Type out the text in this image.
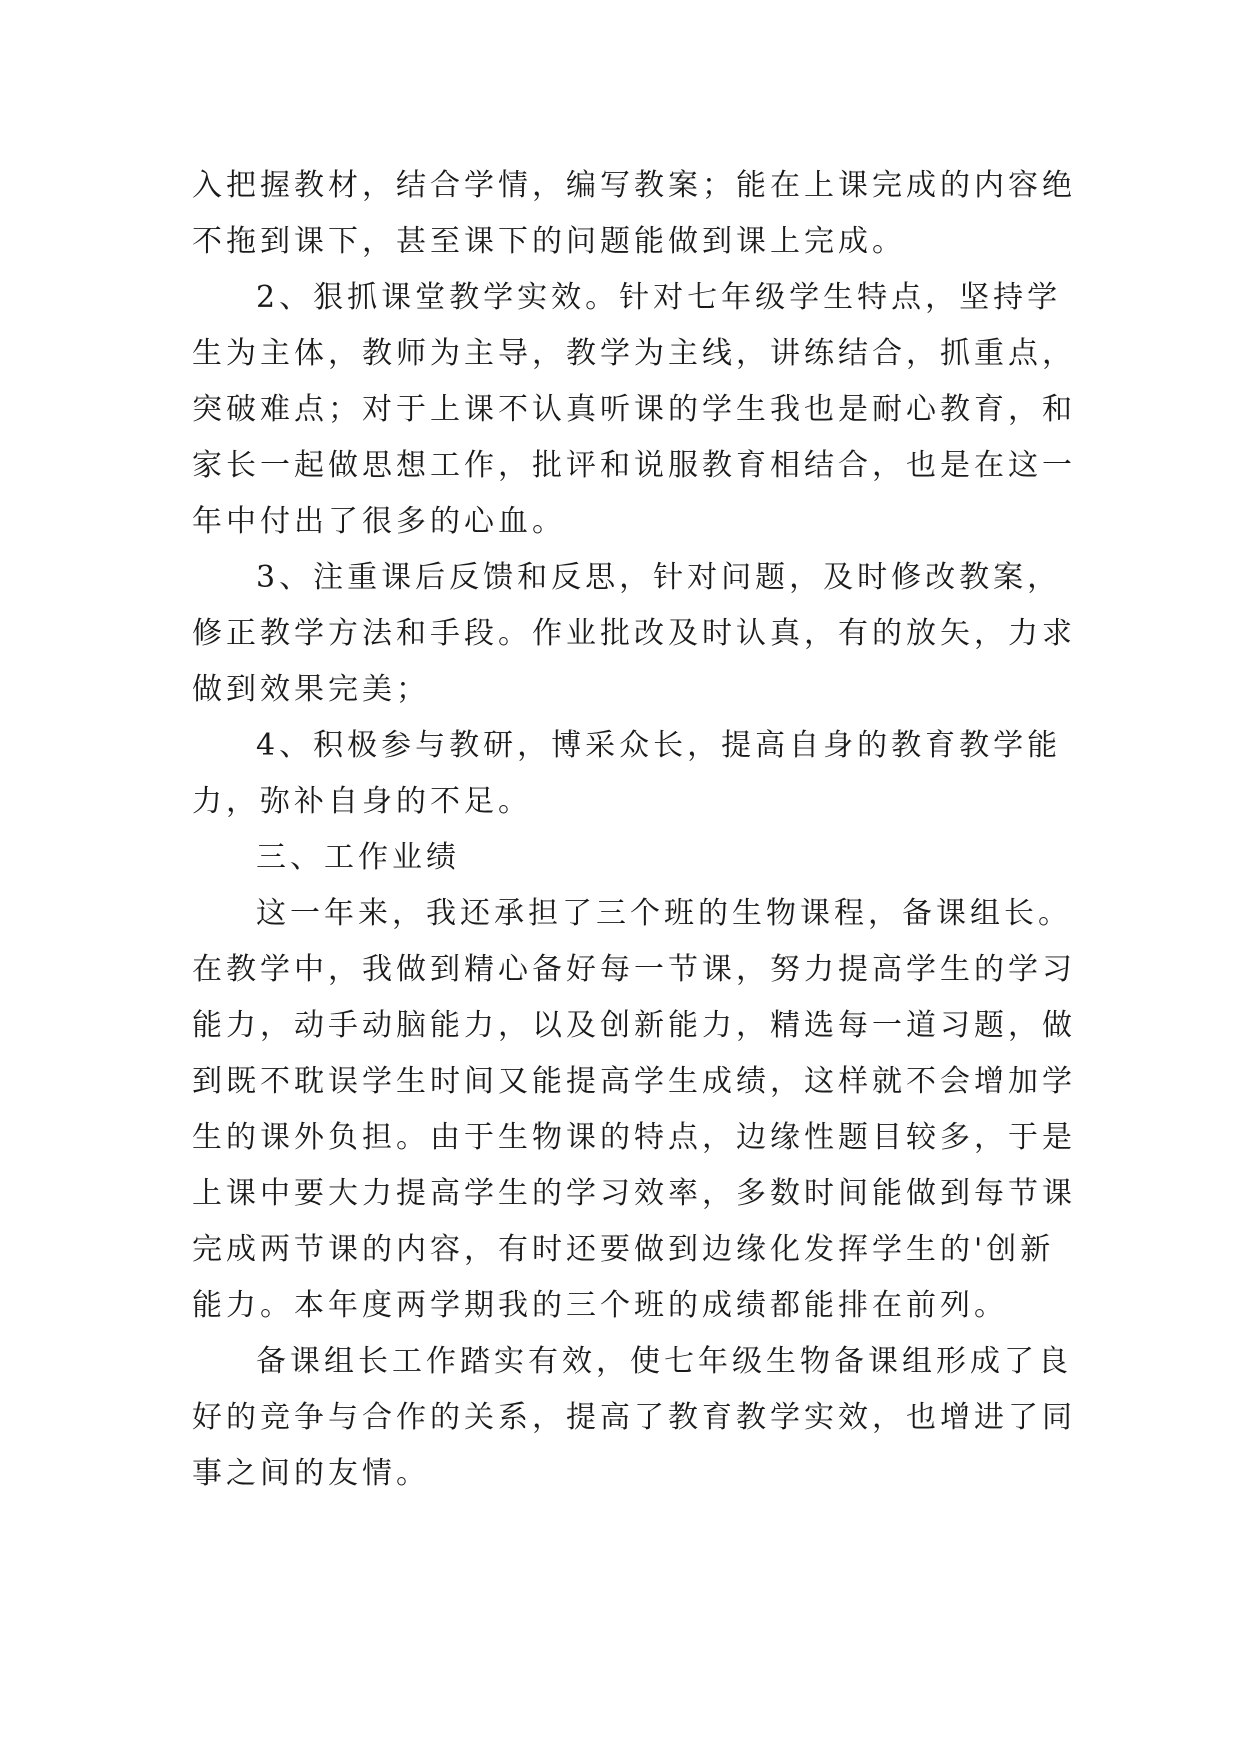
入把握教材，结合学情，编写教案；能在上课完成的内容绝
不拖到课下，甚至课下的问题能做到课上完成。
2、狠抓课堂教学实效。针对七年级学生特点，坚持学
生为主体，教师为主导，教学为主线，讲练结合，抓重点，
突破难点；对于上课不认真听课的学生我也是耐心教育，和
家长一起做思想工作，批评和说服教育相结合，也是在这一
年中付出了很多的心血。
3、注重课后反馈和反思，针对问题，及时修改教案，
修正教学方法和手段。作业批改及时认真，有的放矢，力求
做到效果完美；
4、积极参与教研，博采众长，提高自身的教育教学能
力，弥补自身的不足。
三、工作业绩
这一年来，我还承担了三个班的生物课程，备课组长。
在教学中，我做到精心备好每一节课，努力提高学生的学习
能力，动手动脑能力，以及创新能力，精选每一道习题，做
到既不耽误学生时间又能提高学生成绩，这样就不会增加学
生的课外负担。由于生物课的特点，边缘性题目较多，于是
上课中要大力提高学生的学习效率，多数时间能做到每节课
完成两节课的内容，有时还要做到边缘化发挥学生的'创新
能力。本年度两学期我的三个班的成绩都能排在前列。
备课组长工作踏实有效，使七年级生物备课组形成了良
好的竞争与合作的关系，提高了教育教学实效，也增进了同
事之间的友情。
